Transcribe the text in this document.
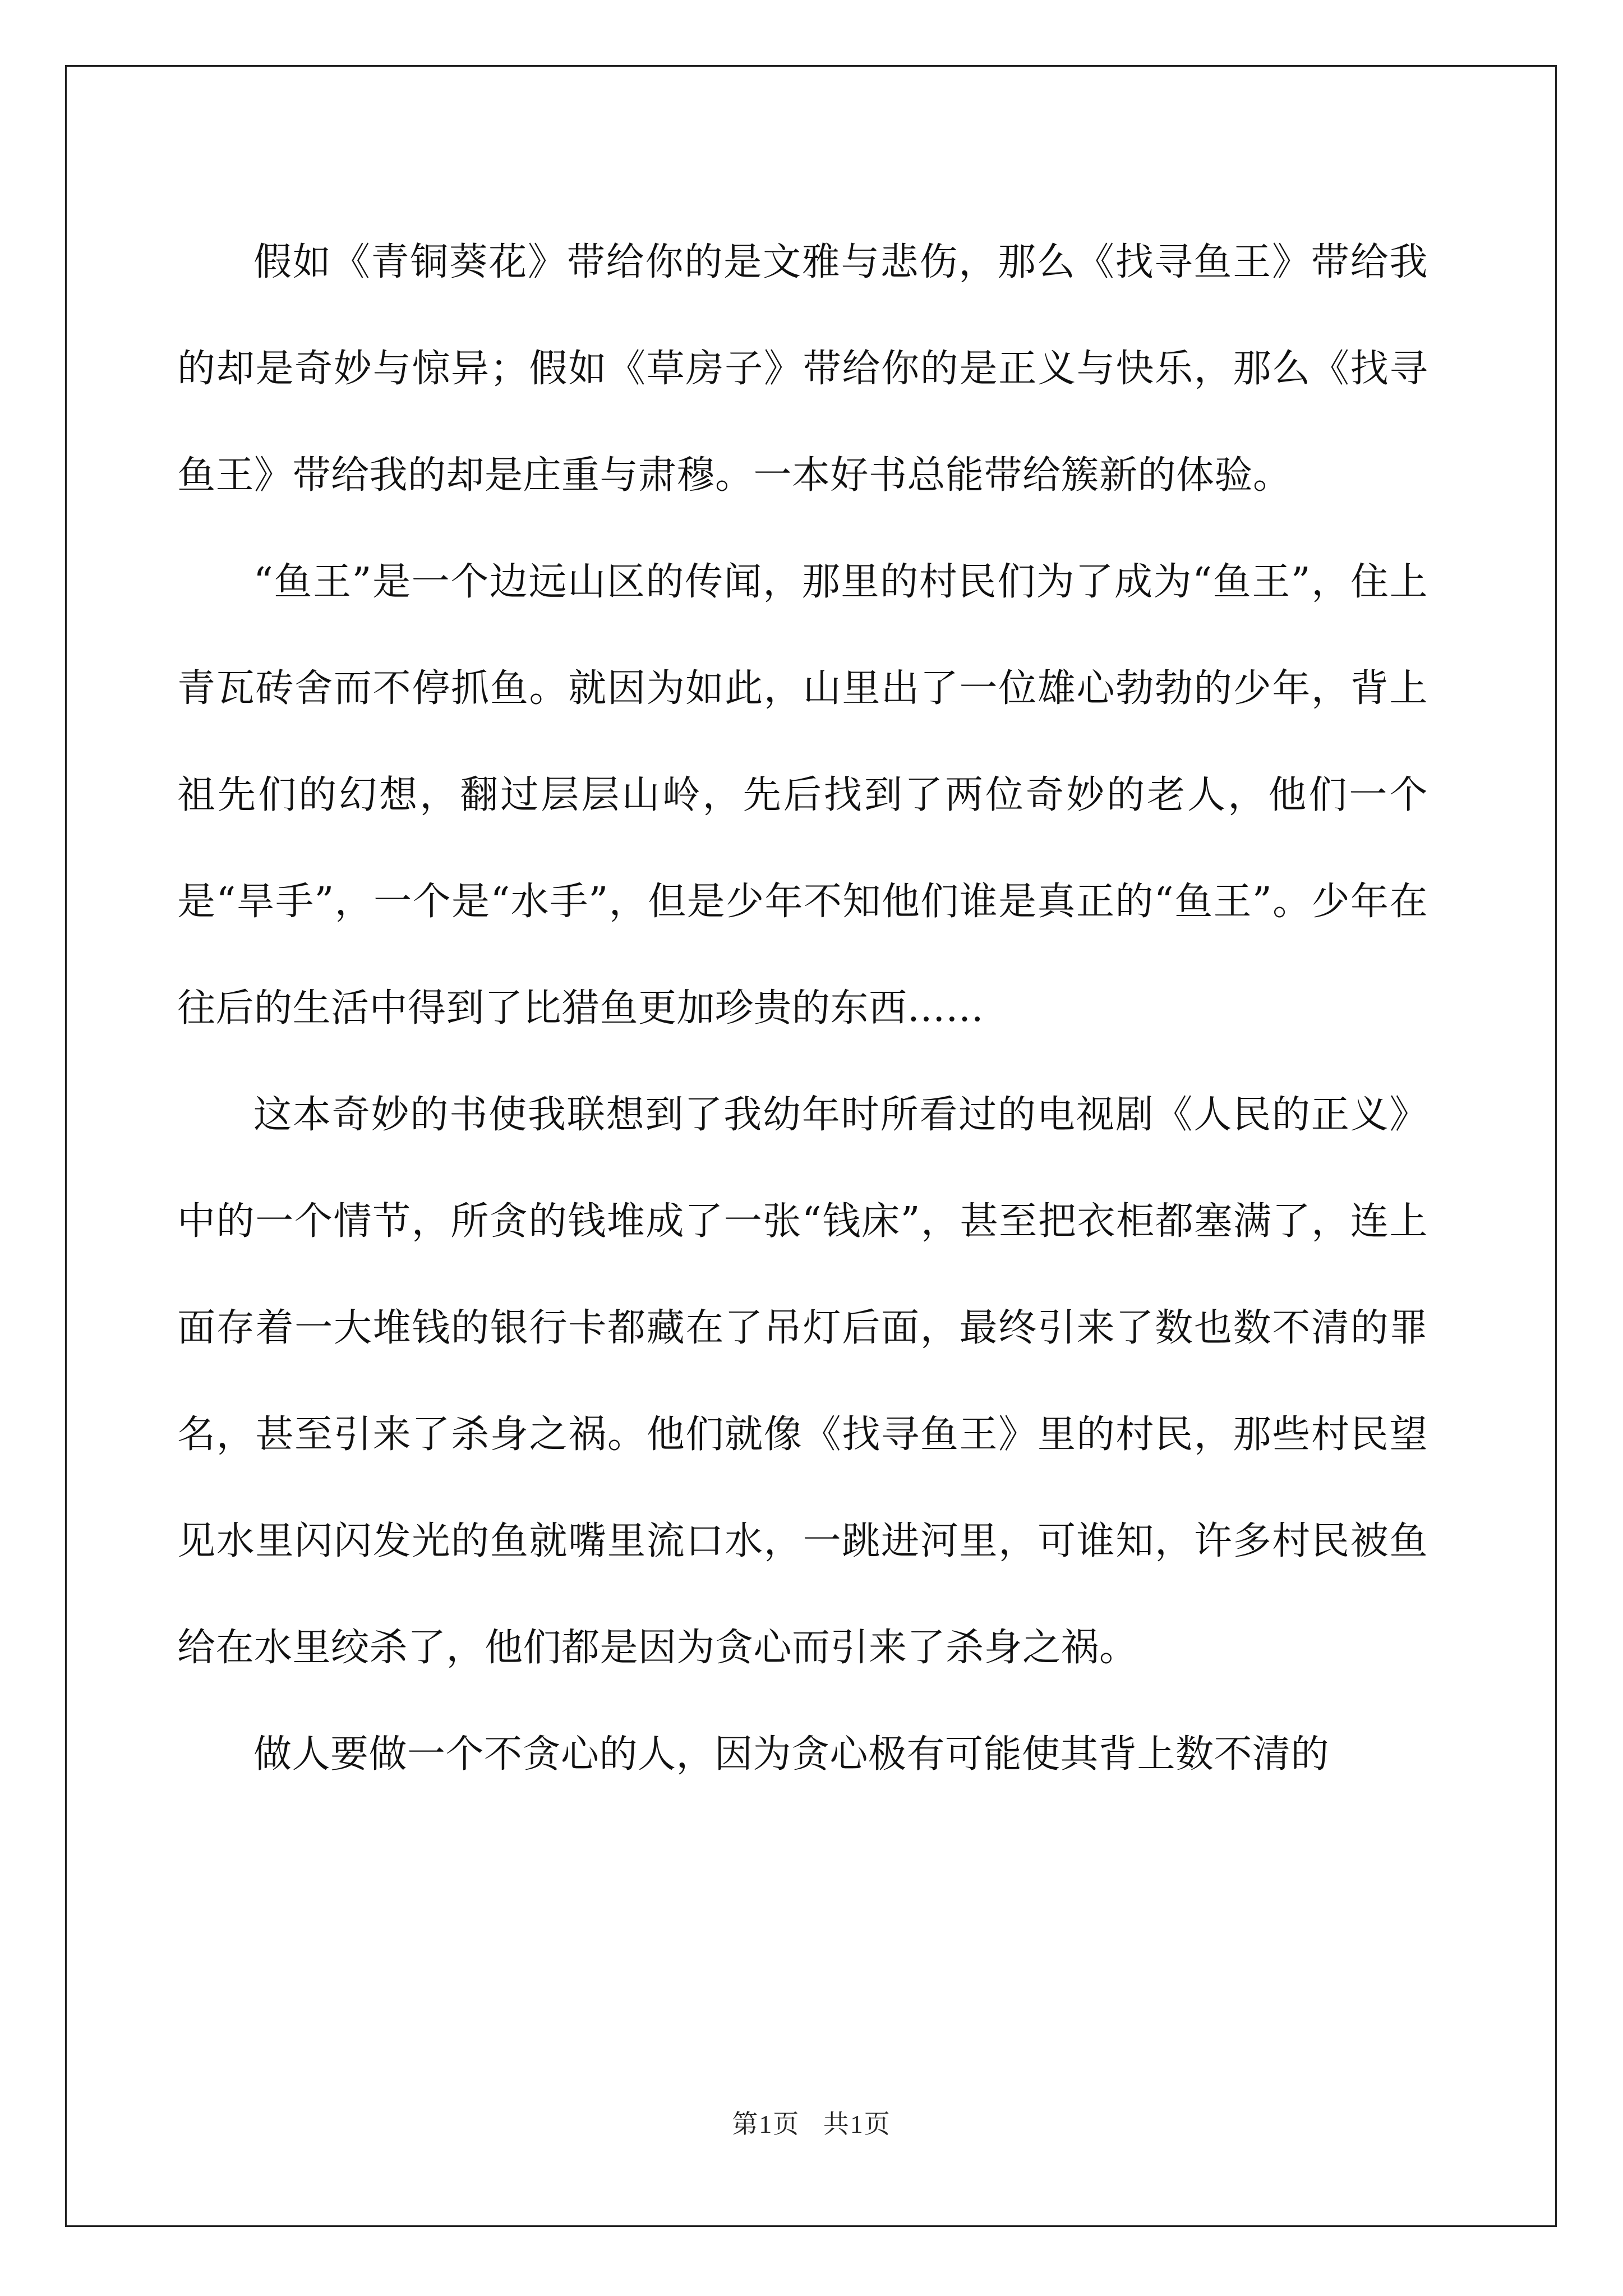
假如《青铜葵花》带给你的是文雅与悲伤，那么《找寻鱼王》带给我的却是奇妙与惊异；假如《草房子》带给你的是正义与快乐，那么《找寻鱼王》带给我的却是庄重与肃穆。一本好书总能带给簇新的体验。

“鱼王”是一个边远山区的传闻，那里的村民们为了成为“鱼王”，住上青瓦砖舍而不停抓鱼。就因为如此，山里出了一位雄心勃勃的少年，背上祖先们的幻想，翻过层层山岭，先后找到了两位奇妙的老人，他们一个是“旱手”，一个是“水手”，但是少年不知他们谁是真正的“鱼王”。少年在往后的生活中得到了比猎鱼更加珍贵的东西……

这本奇妙的书使我联想到了我幼年时所看过的电视剧《人民的正义》中的一个情节，所贪的钱堆成了一张“钱床”，甚至把衣柜都塞满了，连上面存着一大堆钱的银行卡都藏在了吊灯后面，最终引来了数也数不清的罪名，甚至引来了杀身之祸。他们就像《找寻鱼王》里的村民，那些村民望见水里闪闪发光的鱼就嘴里流口水，一跳进河里，可谁知，许多村民被鱼给在水里绞杀了，他们都是因为贪心而引来了杀身之祸。

做人要做一个不贪心的人，因为贪心极有可能使其背上数不清的

第1页 共1页
